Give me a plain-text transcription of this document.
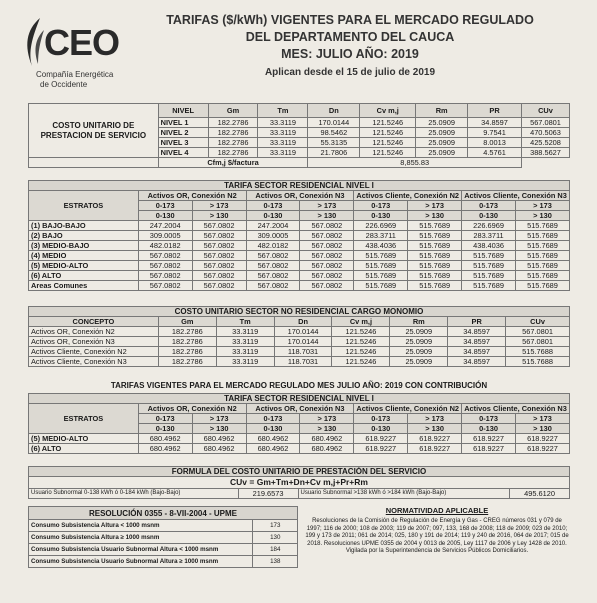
CEO
Compañía Energética
de Occidente
TARIFAS ($/kWh) VIGENTES PARA EL MERCADO REGULADO
DEL DEPARTAMENTO DEL CAUCA
MES: JULIO AÑO: 2019
Aplican desde el 15 de julio de 2019
COSTO UNITARIO DE PRESTACION DE SERVICIO	NIVEL	Gm	Tm	Dn	Cv m,j	Rm	PR	CUv
	NIVEL 1	182.2786	33.3119	170.0144	121.5246	25.0909	34.8597	567.0801
	NIVEL 2	182.2786	33.3119	98.5462	121.5246	25.0909	9.7541	470.5063
	NIVEL 3	182.2786	33.3119	55.3135	121.5246	25.0909	8.0013	425.5208
	NIVEL 4	182.2786	33.3119	21.7806	121.5246	25.0909	4.5761	388.5627
	Cfm,j $/factura			8,855.83				
TARIFA SECTOR RESIDENCIAL NIVEL I								
ESTRATOS	Activos OR, Conexión N2		Activos OR, Conexión N3		Activos Cliente, Conexión N2		Activos Cliente, Conexión N3	
	0-173	> 173	0-173	> 173	0-173	> 173	0-173	> 173
	0-130	> 130	0-130	> 130	0-130	> 130	0-130	> 130
(1) BAJO-BAJO	247.2004	567.0802	247.2004	567.0802	226.6969	515.7689	226.6969	515.7689
(2) BAJO	309.0005	567.0802	309.0005	567.0802	283.3711	515.7689	283.3711	515.7689
(3) MEDIO-BAJO	482.0182	567.0802	482.0182	567.0802	438.4036	515.7689	438.4036	515.7689
(4) MEDIO	567.0802	567.0802	567.0802	567.0802	515.7689	515.7689	515.7689	515.7689
(5) MEDIO-ALTO	567.0802	567.0802	567.0802	567.0802	515.7689	515.7689	515.7689	515.7689
(6) ALTO	567.0802	567.0802	567.0802	567.0802	515.7689	515.7689	515.7689	515.7689
Areas Comunes	567.0802	567.0802	567.0802	567.0802	515.7689	515.7689	515.7689	515.7689
COSTO UNITARIO SECTOR NO RESIDENCIAL CARGO MONOMIO							
CONCEPTO	Gm	Tm	Dn	Cv m,j	Rm	PR	CUv
Activos OR, Conexión N2	182.2786	33.3119	170.0144	121.5246	25.0909	34.8597	567.0801
Activos OR, Conexión N3	182.2786	33.3119	170.0144	121.5246	25.0909	34.8597	567.0801
Activos Cliente, Conexión N2	182.2786	33.3119	118.7031	121.5246	25.0909	34.8597	515.7688
Activos Cliente, Conexión N3	182.2786	33.3119	118.7031	121.5246	25.0909	34.8597	515.7688
TARIFAS VIGENTES PARA EL MERCADO REGULADO MES JULIO AÑO: 2019 CON CONTRIBUCIÓN
TARIFA SECTOR RESIDENCIAL NIVEL I								
ESTRATOS	Activos OR, Conexión N2		Activos OR, Conexión N3		Activos Cliente, Conexión N2		Activos Cliente, Conexión N3	
	0-173	> 173	0-173	> 173	0-173	> 173	0-173	> 173
	0-130	> 130	0-130	> 130	0-130	> 130	0-130	> 130
(5) MEDIO-ALTO	680.4962	680.4962	680.4962	680.4962	618.9227	618.9227	618.9227	618.9227
(6) ALTO	680.4962	680.4962	680.4962	680.4962	618.9227	618.9227	618.9227	618.9227
FORMULA DEL COSTO UNITARIO DE PRESTACIÓN DEL SERVICIO
CUv = Gm+Tm+Dn+Cv m,j+Pr+Rm
Usuario Subnormal 0-138 kWh ó 0-184 kWh (Bajo-Bajo)	219.6573	Usuario Subnormal >138 kWh ó >184 kWh (Bajo-Bajo)	495.6120
RESOLUCIÓN 0355 - 8-VII-2004 - UPME	
Consumo Subsistencia Altura < 1000 msnm	173
Consumo Subsistencia Altura ≥ 1000 msnm	130
Consumo Subsistencia Usuario Subnormal Altura < 1000 msnm	184
Consumo Subsistencia Usuario Subnormal Altura ≥ 1000 msnm	138
NORMATIVIDAD APLICABLE
Resoluciones de la Comisión de Regulación de Energía y Gas - CREG números 031 y 079 de 1997; 116 de 2000; 108 de 2003; 119 de 2007; 097, 133, 168 de 2008; 118 de 2009; 023 de 2010; 199 y 173 de 2011; 061 de 2014; 025, 180 y 191 de 2014; 119 y 240 de 2016, 064 de 2017; 015 de 2018. Resoluciones UPME 0355 de 2004 y 0013 de 2005, Ley 1117 de 2006 y Ley 1428 de 2010. Vigilada por la Superintendencia de Servicios Públicos Domiciliarios.
